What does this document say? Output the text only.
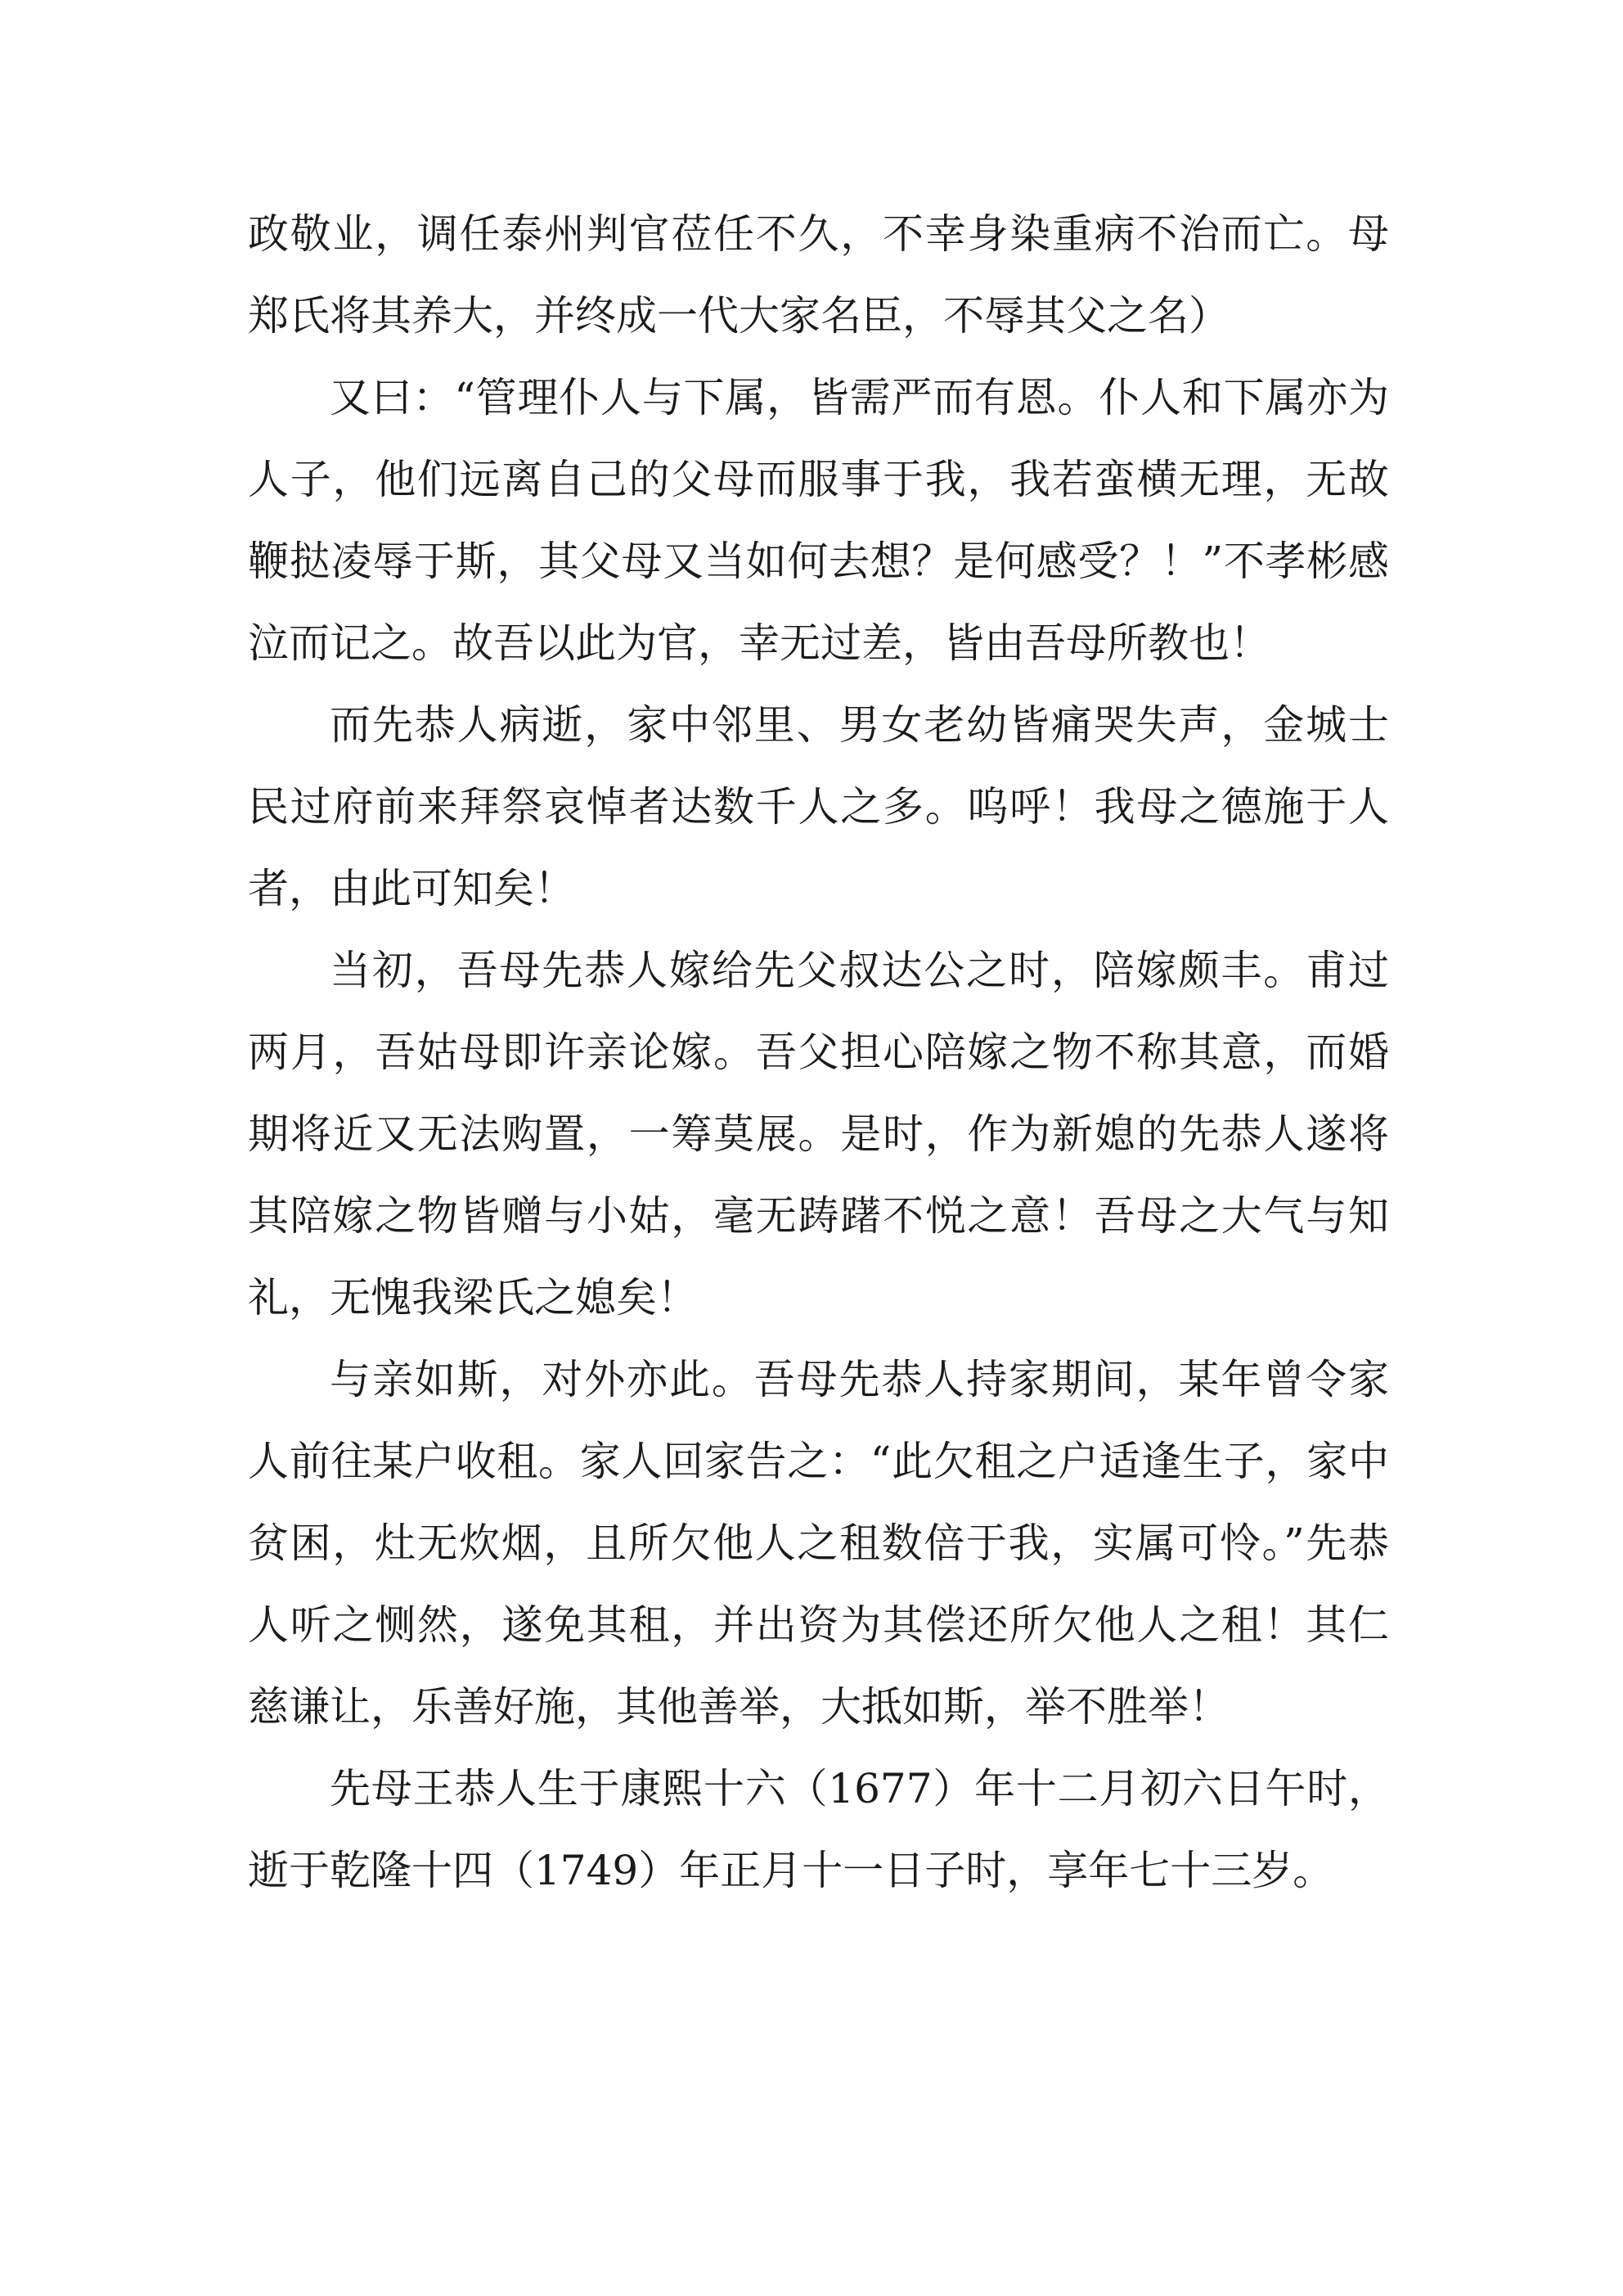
政敬业，调任泰州判官莅任不久，不幸身染重病不治而亡。母郑氏将其养大，并终成一代大家名臣，不辱其父之名）

又曰：“管理仆人与下属，皆需严而有恩。仆人和下属亦为人子，他们远离自己的父母而服事于我，我若蛮横无理，无故鞭挞凌辱于斯，其父母又当如何去想？是何感受？！”不孝彬感泣而记之。故吾以此为官，幸无过差，皆由吾母所教也！

而先恭人病逝，家中邻里、男女老幼皆痛哭失声，金城士民过府前来拜祭哀悼者达数千人之多。呜呼！我母之德施于人者，由此可知矣！

当初，吾母先恭人嫁给先父叔达公之时，陪嫁颇丰。甫过两月，吾姑母即许亲论嫁。吾父担心陪嫁之物不称其意，而婚期将近又无法购置，一筹莫展。是时，作为新媳的先恭人遂将其陪嫁之物皆赠与小姑，毫无踌躇不悦之意！吾母之大气与知礼，无愧我梁氏之媳矣！

与亲如斯，对外亦此。吾母先恭人持家期间，某年曾令家人前往某户收租。家人回家告之：“此欠租之户适逢生子，家中贫困，灶无炊烟，且所欠他人之租数倍于我，实属可怜。”先恭人听之恻然，遂免其租，并出资为其偿还所欠他人之租！其仁慈谦让，乐善好施，其他善举，大抵如斯，举不胜举！

先母王恭人生于康熙十六（1677）年十二月初六日午时，逝于乾隆十四（1749）年正月十一日子时，享年七十三岁。
